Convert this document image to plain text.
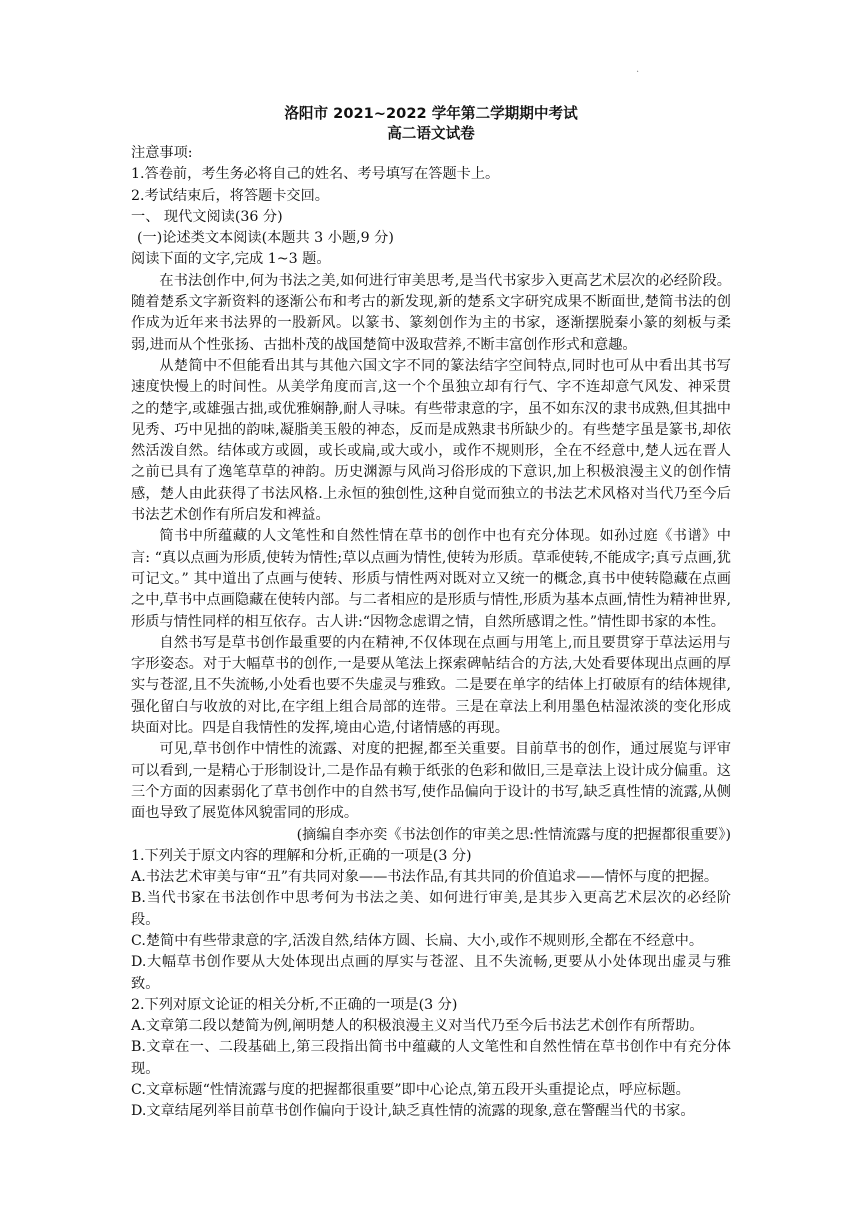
.
洛阳市 2021~2022 学年第二学期期中考试
高二语文试卷

注意事项:

1.答卷前，考生务必将自己的姓名、考号填写在答题卡上。

2.考试结束后，将答题卡交回。

一、 现代文阅读(36 分)

(一)论述类文本阅读(本题共 3 小题,9 分)

阅读下面的文字,完成 1~3 题。

在书法创作中,何为书法之美,如何进行审美思考,是当代书家步入更高艺术层次的必经阶段。随着楚系文字新资料的逐渐公布和考古的新发现,新的楚系文字研究成果不断面世,楚简书法的创作成为近年来书法界的一股新风。以篆书、篆刻创作为主的书家，逐渐摆脱秦小篆的刻板与柔弱,进而从个性张扬、古拙朴茂的战国楚简中汲取营养,不断丰富创作形式和意趣。

从楚简中不但能看出其与其他六国文字不同的篆法结字空间特点,同时也可从中看出其书写速度快慢上的时间性。从美学角度而言,这一个个虽独立却有行气、字不连却意气风发、神采贯之的楚字,或雄强古拙,或优雅娴静,耐人寻味。有些带隶意的字，虽不如东汉的隶书成熟,但其拙中见秀、巧中见拙的韵味,凝脂美玉般的神态，反而是成熟隶书所缺少的。有些楚字虽是篆书,却依然活泼自然。结体或方或圆，或长或扁,或大或小，或作不规则形，全在不经意中,楚人远在晋人之前已具有了逸笔草草的神韵。历史渊源与风尚习俗形成的下意识,加上积极浪漫主义的创作情感，楚人由此获得了书法风格.上永恒的独创性,这种自觉而独立的书法艺术风格对当代乃至今后书法艺术创作有所启发和裨益。

简书中所蕴藏的人文笔性和自然性情在草书的创作中也有充分体现。如孙过庭《书谱》中言: “真以点画为形质,使转为情性;草以点画为情性,使转为形质。草乖使转,不能成字;真亏点画,犹可记文。” 其中道出了点画与使转、形质与情性两对既对立又统一的概念,真书中使转隐藏在点画之中,草书中点画隐藏在使转内部。与二者相应的是形质与情性,形质为基本点画,情性为精神世界,形质与情性同样的相互依存。古人讲:“因物念虑谓之情，自然所感谓之性。”情性即书家的本性。

自然书写是草书创作最重要的内在精神,不仅体现在点画与用笔上,而且要贯穿于草法运用与字形姿态。对于大幅草书的创作,一是要从笔法上探索碑帖结合的方法,大处看要体现出点画的厚实与苍涩,且不失流畅,小处看也要不失虚灵与雅致。二是要在单字的结体上打破原有的结体规律,强化留白与收放的对比,在字组上组合局部的连带。三是在章法上利用墨色枯湿浓淡的变化形成块面对比。四是自我情性的发挥,境由心造,付诸情感的再现。

可见,草书创作中情性的流露、对度的把握,都至关重要。目前草书的创作，通过展览与评审可以看到,一是精心于形制设计,二是作品有赖于纸张的色彩和做旧,三是章法上设计成分偏重。这三个方面的因素弱化了草书创作中的自然书写,使作品偏向于设计的书写,缺乏真性情的流露,从侧面也导致了展览体风貌雷同的形成。

(摘编自李亦奕《书法创作的审美之思:性情流露与度的把握都很重要》)

1.下列关于原文内容的理解和分析,正确的一项是(3 分)

A.书法艺术审美与审“丑”有共同对象——书法作品,有其共同的价值追求——情怀与度的把握。

B.当代书家在书法创作中思考何为书法之美、如何进行审美,是其步入更高艺术层次的必经阶段。

C.楚简中有些带隶意的字,活泼自然,结体方圆、长扁、大小,或作不规则形,全都在不经意中。

D.大幅草书创作要从大处体现出点画的厚实与苍涩、且不失流畅,更要从小处体现出虚灵与雅致。

2.下列对原文论证的相关分析,不正确的一项是(3 分)

A.文章第二段以楚简为例,阐明楚人的积极浪漫主义对当代乃至今后书法艺术创作有所帮助。

B.文章在一、二段基础上,第三段指出简书中蕴藏的人文笔性和自然性情在草书创作中有充分体现。

C.文章标题“性情流露与度的把握都很重要”即中心论点,第五段开头重提论点，呼应标题。

D.文章结尾列举目前草书创作偏向于设计,缺乏真性情的流露的现象,意在警醒当代的书家。
